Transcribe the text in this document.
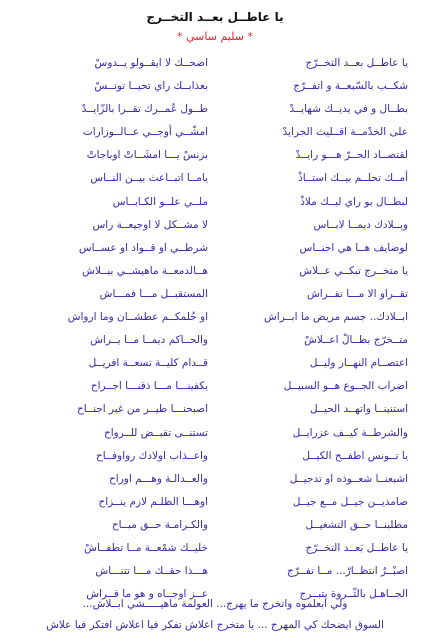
يا عاطــل بعــد التخــرج
* سليم ساسي *
يا عاطــل بعــد التخــرّج
اضحــك لا ايقــولو يــدوسْ
شكــب بالسّبعــة و اتفــرّج
بعذابــك راي تحيــا تونــسْ
بطــال و في يديــك شهايــدْ
طــول عُمــرك تقــرا بالزّايــدْ
على الخدْمــة اقــليث الجرايدْ
امشّــي أوجــي عــالــوزارات
لقتصــاد الحــرّ هـــو رايــدْ
بزنسْ يـــا امشَــاتْ اوباجاتْ
أمــك تحلــم بيــك استــاذْ
يامــا اتبــاعث بيــن النــاس
لبطــال بو راي ليــك ملاذْ
ملــي علــو الكـابــاس
وبــلادك ديمــا لابــاس
لا مشــكل لا اوجيعــة راس
لوضايف هــا هي اجنــاس
شرطــي او قــواد او عســاس
يا متخــرج تبكــي عــلاش
هــالدمعــة ماهيشــي ببــلاش
تقــراو الا مـــا تقــراش
المستقبــل مـــا فمـــاش
ابــلادك.. جسم مريض ما ابــراش
او حُلمكــم عطشــان وما ارواش
متــخرّج بطــالْ اعــلاشْ
والحــاكم ديمــا مــا يــراش
اعتصــام النهــار وليــل
قــدام كليــة تسعــة افريــل
اضراب الجــوع هــو السبيــل
يكفينـــا مـــا ذقنـــا اجــراح
استنينــا واتهــد الحيــل
اصبحنـــا طيــر من غير اجنــاح
والشرطــة كيــف عزرايــل
تستنــى تقبــض للــرواح
يا تــونس اطفــح الكيــل
واعــذاب اولادك رواوفــاح
اشبعنــا شعــوذه او تدجيــل
والعــدالـة وهـــم اوراح
صامديــن جيــل مــع جيــل
اوهـــا الظلـم لازم ينــزاح
مطلبنــا حــق التشغيــل
والكـرامـة حــق مبــاح
يا عاطــل بَعــد التخــرّج
خليــك شمْعــة مــا تطفــاشْ
اصبْــرُ انتظــارْ... مــا تفــرّج
هـــذا حقــك مـــا تتنـــاش
الجــاهـل بالثّــروة يتبــرج
عــز اوجــاه و هو ما قــراش
ولي ابعلموه واتخرج ما يهرج... العولمة ماهيـــــشي ابــلاش...
السوق ايضحك كي المهرج ... يا متخرج اعلاش تفكر فيا اعلاش افتكر فيا علاش
